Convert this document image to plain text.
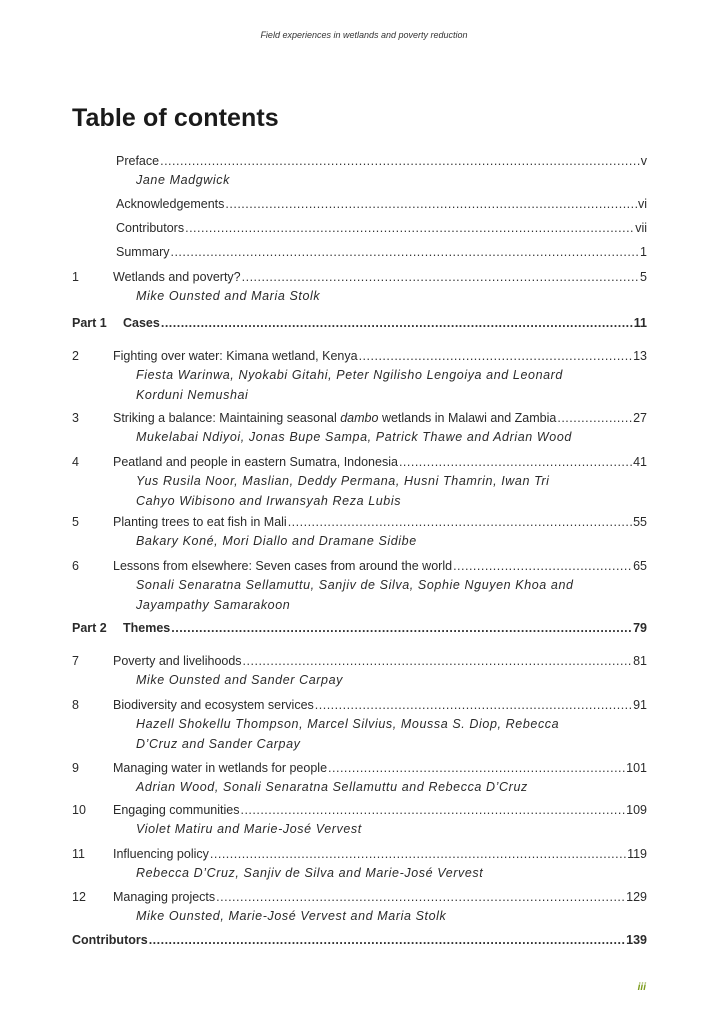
Field experiences in wetlands and poverty reduction
Table of contents
Preface .....	v
Jane Madgwick
Acknowledgements .....	vi
Contributors .....	vii
Summary .....	1
1	Wetlands and poverty? .....	5
Mike Ounsted and Maria Stolk
Part 1	Cases .....	11
2	Fighting over water: Kimana wetland, Kenya .....	13
Fiesta Warinwa, Nyokabi Gitahi, Peter Ngilisho Lengoiya and Leonard
Korduni Nemushai
3	Striking a balance: Maintaining seasonal dambo wetlands in Malawi and Zambia .....	27
Mukelabai Ndiyoi, Jonas Bupe Sampa, Patrick Thawe and Adrian Wood
4	Peatland and people in eastern Sumatra, Indonesia .....	41
Yus Rusila Noor, Maslian, Deddy Permana, Husni Thamrin, Iwan Tri
Cahyo Wibisono and Irwansyah Reza Lubis
5	Planting trees to eat fish in Mali .....	55
Bakary Koné, Mori Diallo and Dramane Sidibe
6	Lessons from elsewhere: Seven cases from around the world .....	65
Sonali Senaratna Sellamuttu, Sanjiv de Silva, Sophie Nguyen Khoa and
Jayampathy Samarakoon
Part 2	Themes .....	79
7	Poverty and livelihoods .....	81
Mike Ounsted and Sander Carpay
8	Biodiversity and ecosystem services .....	91
Hazell Shokellu Thompson, Marcel Silvius, Moussa S. Diop, Rebecca
D’Cruz and Sander Carpay
9	Managing water in wetlands for people .....	101
Adrian Wood, Sonali Senaratna Sellamuttu and Rebecca D’Cruz
10	Engaging communities .....	109
Violet Matiru and Marie-José Vervest
11	Influencing policy .....	119
Rebecca D’Cruz, Sanjiv de Silva and Marie-José Vervest
12	Managing projects .....	129
Mike Ounsted, Marie-José Vervest and Maria Stolk
Contributors .....	139
iii
